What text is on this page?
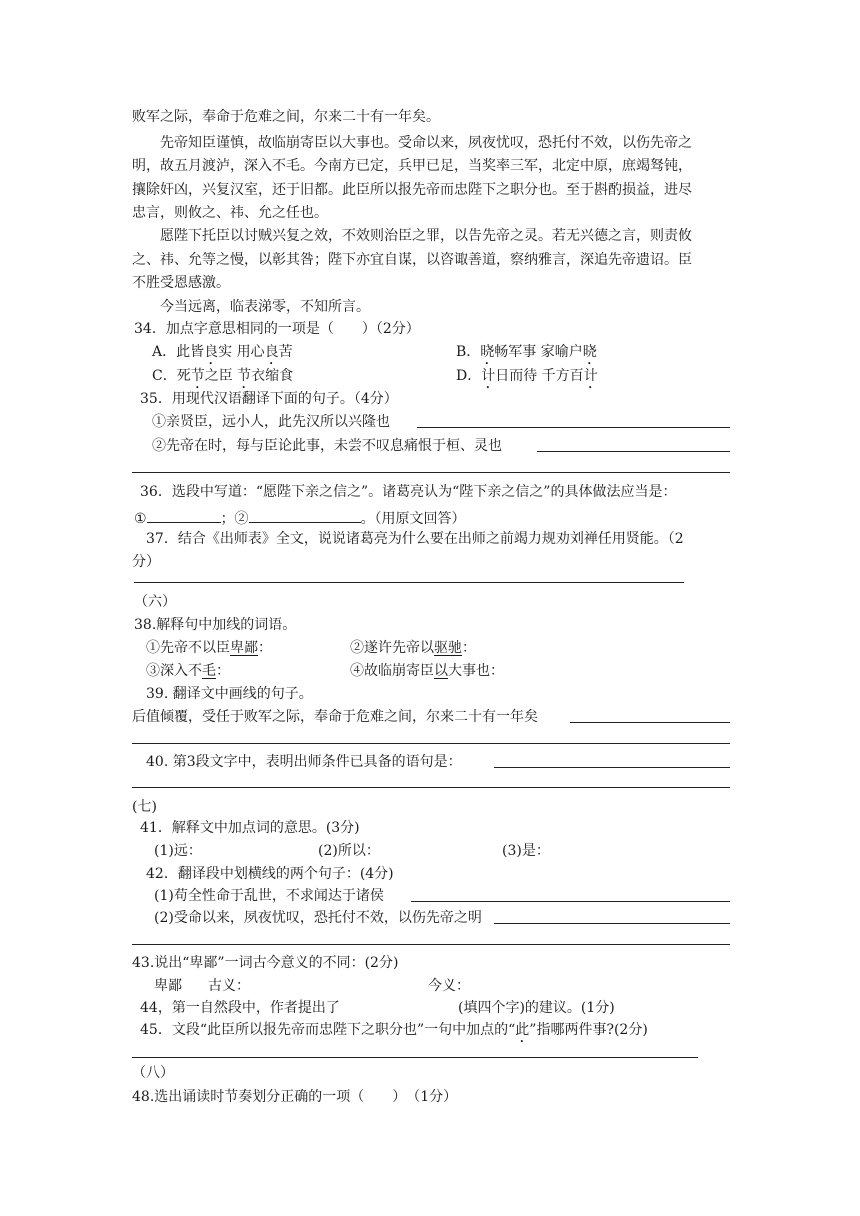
败军之际，奉命于危难之间，尔来二十有一年矣。
先帝知臣谨慎，故临崩寄臣以大事也。受命以来，夙夜忧叹，恐托付不效，以伤先帝之
明，故五月渡泸，深入不毛。今南方已定，兵甲已足，当奖率三军，北定中原，庶竭驽钝，
攘除奸凶，兴复汉室，还于旧都。此臣所以报先帝而忠陛下之职分也。至于斟酌损益，进尽
忠言，则攸之、祎、允之任也。
愿陛下托臣以讨贼兴复之效，不效则治臣之罪，以告先帝之灵。若无兴德之言，则责攸
之、祎、允等之慢，以彰其咎；陛下亦宜自谋，以咨诹善道，察纳雅言，深追先帝遗诏。臣
不胜受恩感激。
今当远离，临表涕零，不知所言。
34．加点字意思相同的一项是（　　）（2分）
A．此皆良实 用心良苦	B．晓畅军事 家喻户晓
C．死节之臣 节衣缩食	D．计日而待 千方百计
35．用现代汉语翻译下面的句子。（4分）
①亲贤臣，远小人，此先汉所以兴隆也
②先帝在时，每与臣论此事，未尝不叹息痛恨于桓、灵也
36．选段中写道：“愿陛下亲之信之”。诸葛亮认为“陛下亲之信之”的具体做法应当是：
①	；②	。（用原文回答）
37．结合《出师表》全文，说说诸葛亮为什么要在出师之前竭力规劝刘禅任用贤能。（2
分）
（六）
38.解释句中加线的词语。
①先帝不以臣卑鄙：	②遂许先帝以驱驰：
③深入不毛：	④故临崩寄臣以大事也：
39. 翻译文中画线的句子。
后值倾覆，受任于败军之际，奉命于危难之间，尔来二十有一年矣
40. 第3段文字中，表明出师条件已具备的语句是：
(七)
41．解释文中加点词的意思。(3分)
(1)远：	(2)所以：	(3)是：
42．翻译段中划横线的两个句子：(4分)
(1)苟全性命于乱世，不求闻达于诸侯
(2)受命以来，夙夜忧叹，恐托付不效，以伤先帝之明
43.说出“卑鄙”一词古今意义的不同：(2分)
卑鄙 古义：	今义：
44，第一自然段中，作者提出了	(填四个字)的建议。(1分)
45．文段“此臣所以报先帝而忠陛下之职分也”一句中加点的“此”指哪两件事?(2分)
（八）
48.选出诵读时节奏划分正确的一项（　　）　（1分）
